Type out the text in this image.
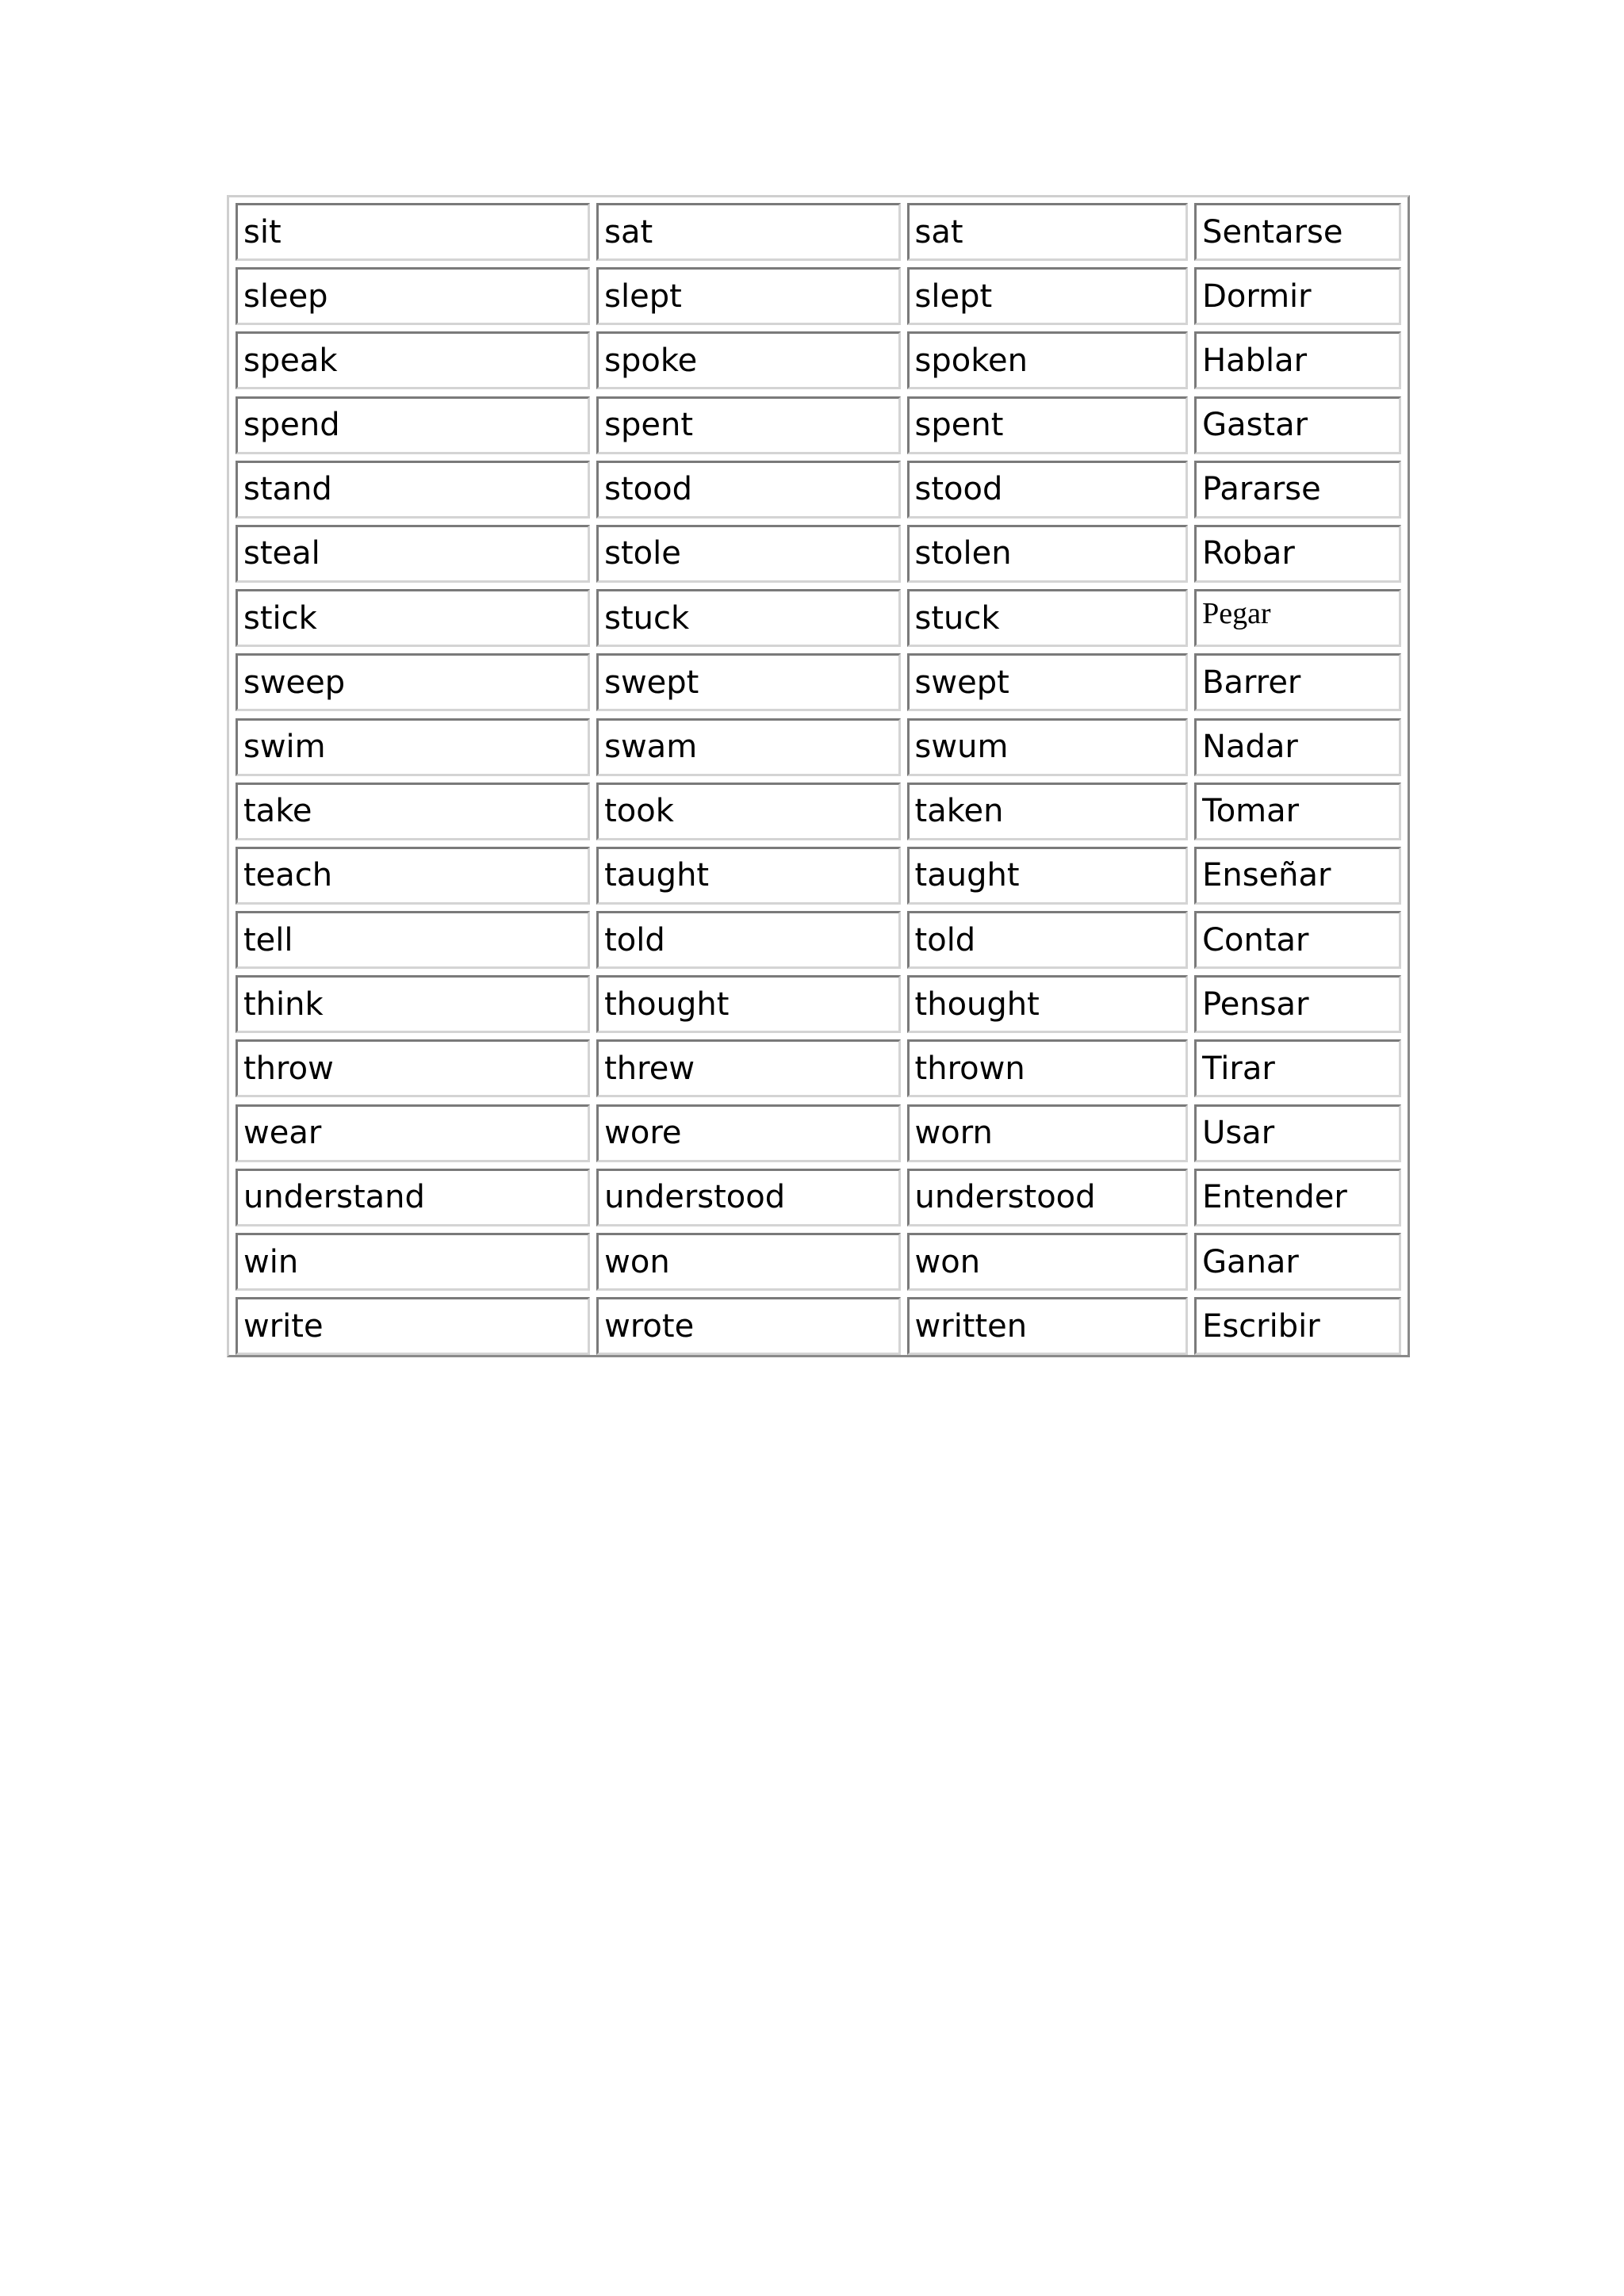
sit	sat	sat	Sentarse
sleep	slept	slept	Dormir
speak	spoke	spoken	Hablar
spend	spent	spent	Gastar
stand	stood	stood	Pararse
steal	stole	stolen	Robar
stick	stuck	stuck	Pegar
sweep	swept	swept	Barrer
swim	swam	swum	Nadar
take	took	taken	Tomar
teach	taught	taught	Enseñar
tell	told	told	Contar
think	thought	thought	Pensar
throw	threw	thrown	Tirar
wear	wore	worn	Usar
understand	understood	understood	Entender
win	won	won	Ganar
write	wrote	written	Escribir
